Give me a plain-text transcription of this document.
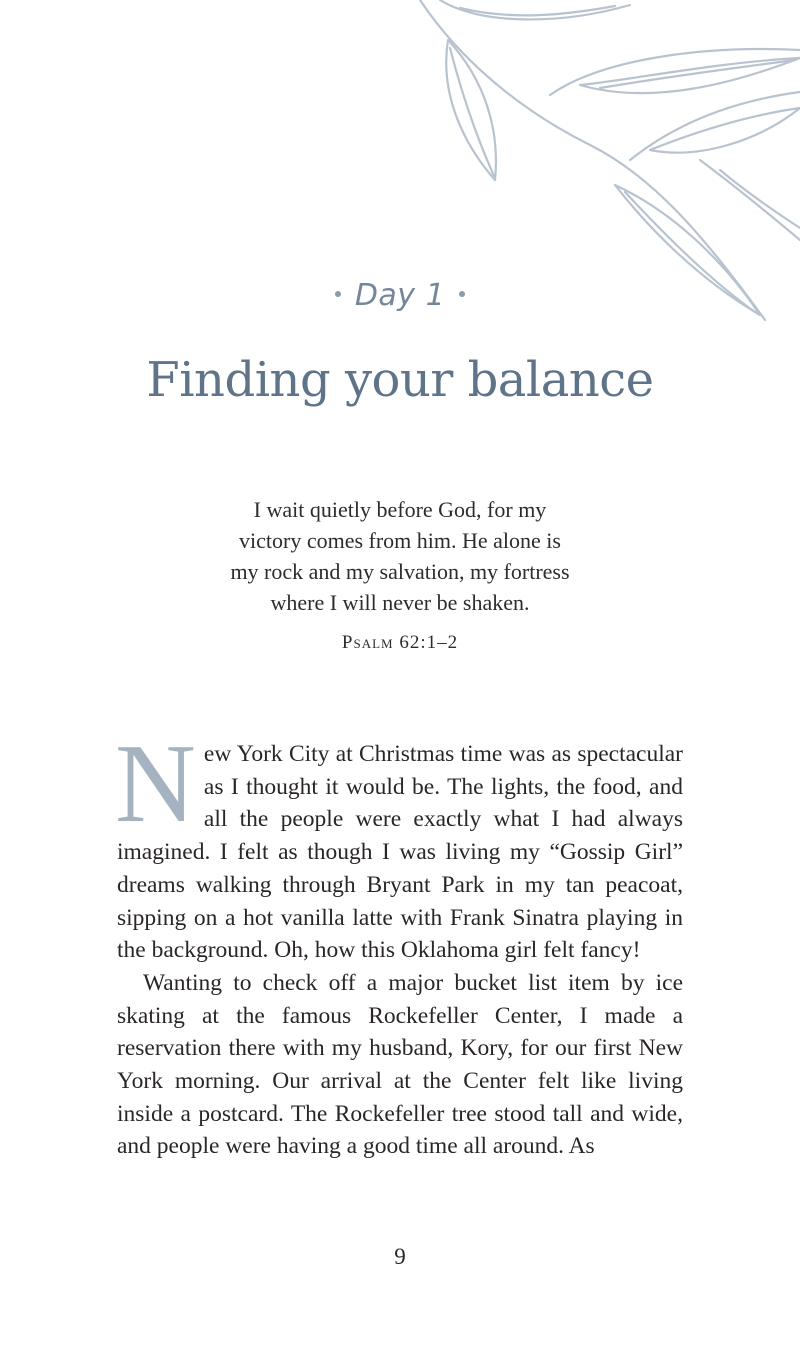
Day 1
Finding your balance
I wait quietly before God, for my
victory comes from him. He alone is
my rock and my salvation, my fortress
where I will never be shaken.
Psalm 62:1–2

New York City at Christmas time was as spectacular as I thought it would be. The lights, the food, and all the people were exactly what I had always imagined. I felt as though I was living my “Gossip Girl” dreams walking through Bryant Park in my tan peacoat, sipping on a hot vanilla latte with Frank Sinatra playing in the background. Oh, how this Oklahoma girl felt fancy!

Wanting to check off a major bucket list item by ice skating at the famous Rockefeller Center, I made a reservation there with my husband, Kory, for our first New York morning. Our arrival at the Center felt like living inside a postcard. The Rockefeller tree stood tall and wide, and people were having a good time all around. As

9
